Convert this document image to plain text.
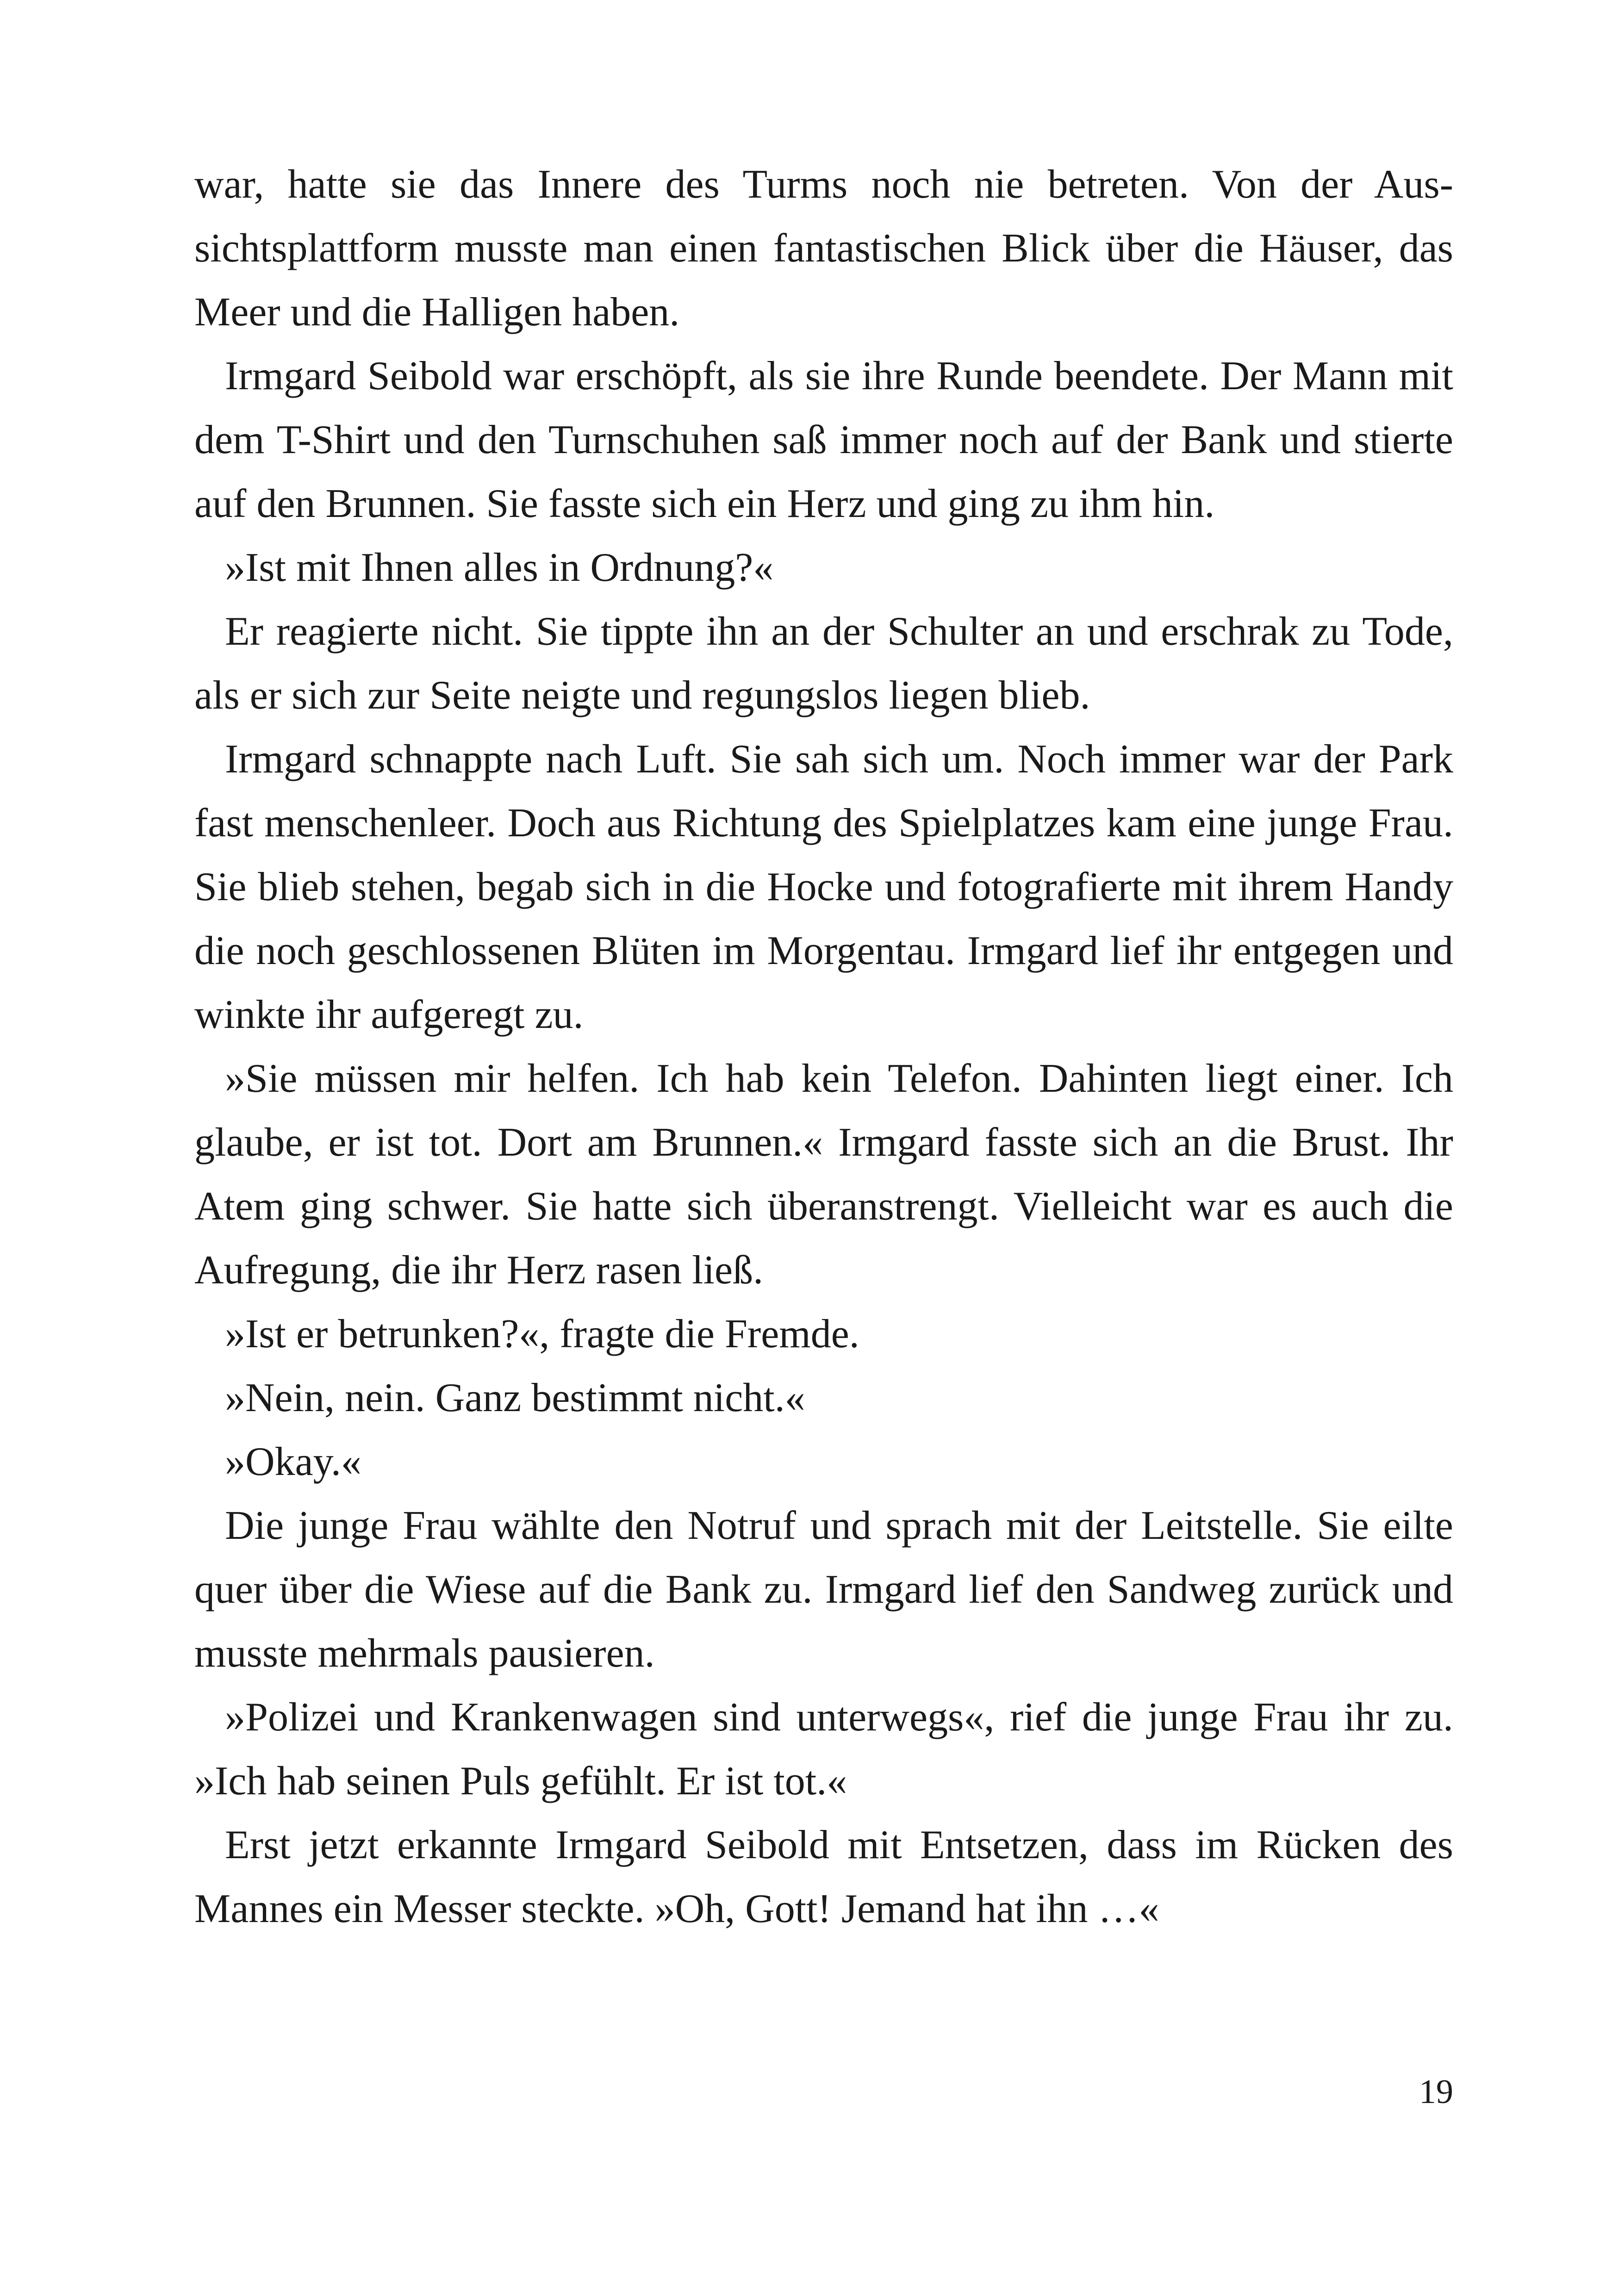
war, hatte sie das Innere des Turms noch nie betreten. Von der Aussichtsplattform musste man einen fantastischen Blick über die Häuser, das Meer und die Halligen haben.

Irmgard Seibold war erschöpft, als sie ihre Runde beendete. Der Mann mit dem T-Shirt und den Turnschuhen saß immer noch auf der Bank und stierte auf den Brunnen. Sie fasste sich ein Herz und ging zu ihm hin.

»Ist mit Ihnen alles in Ordnung?«

Er reagierte nicht. Sie tippte ihn an der Schulter an und erschrak zu Tode, als er sich zur Seite neigte und regungslos liegen blieb.

Irmgard schnappte nach Luft. Sie sah sich um. Noch immer war der Park fast menschenleer. Doch aus Richtung des Spielplatzes kam eine junge Frau. Sie blieb stehen, begab sich in die Hocke und fotografierte mit ihrem Handy die noch geschlossenen Blüten im Morgentau. Irmgard lief ihr entgegen und winkte ihr aufgeregt zu.

»Sie müssen mir helfen. Ich hab kein Telefon. Dahinten liegt einer. Ich glaube, er ist tot. Dort am Brunnen.« Irmgard fasste sich an die Brust. Ihr Atem ging schwer. Sie hatte sich überanstrengt. Vielleicht war es auch die Aufregung, die ihr Herz rasen ließ.

»Ist er betrunken?«, fragte die Fremde.

»Nein, nein. Ganz bestimmt nicht.«

»Okay.«

Die junge Frau wählte den Notruf und sprach mit der Leitstelle. Sie eilte quer über die Wiese auf die Bank zu. Irmgard lief den Sandweg zurück und musste mehrmals pausieren.

»Polizei und Krankenwagen sind unterwegs«, rief die junge Frau ihr zu. »Ich hab seinen Puls gefühlt. Er ist tot.«

Erst jetzt erkannte Irmgard Seibold mit Entsetzen, dass im Rücken des Mannes ein Messer steckte. »Oh, Gott! Jemand hat ihn …«

19
